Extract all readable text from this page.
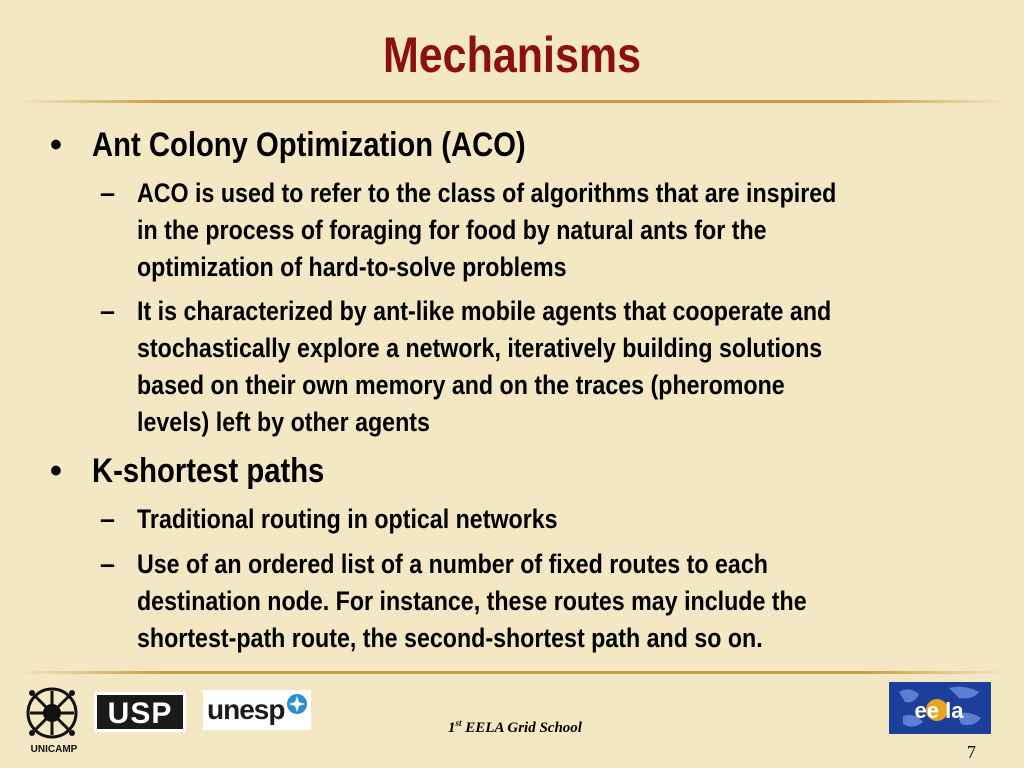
Mechanisms
• Ant Colony Optimization (ACO)
– ACO is used to refer to the class of algorithms that are inspired
in the process of foraging for food by natural ants for the
optimization of hard-to-solve problems
– It is characterized by ant-like mobile agents that cooperate and
stochastically explore a network, iteratively building solutions
based on their own memory and on the traces (pheromone
levels) left by other agents
• K-shortest paths
– Traditional routing in optical networks
– Use of an ordered list of a number of fixed routes to each
destination node. For instance, these routes may include the
shortest-path route, the second-shortest path and so on.
UNICAMP
USP unesp	ee la
1st EELA Grid School
7
